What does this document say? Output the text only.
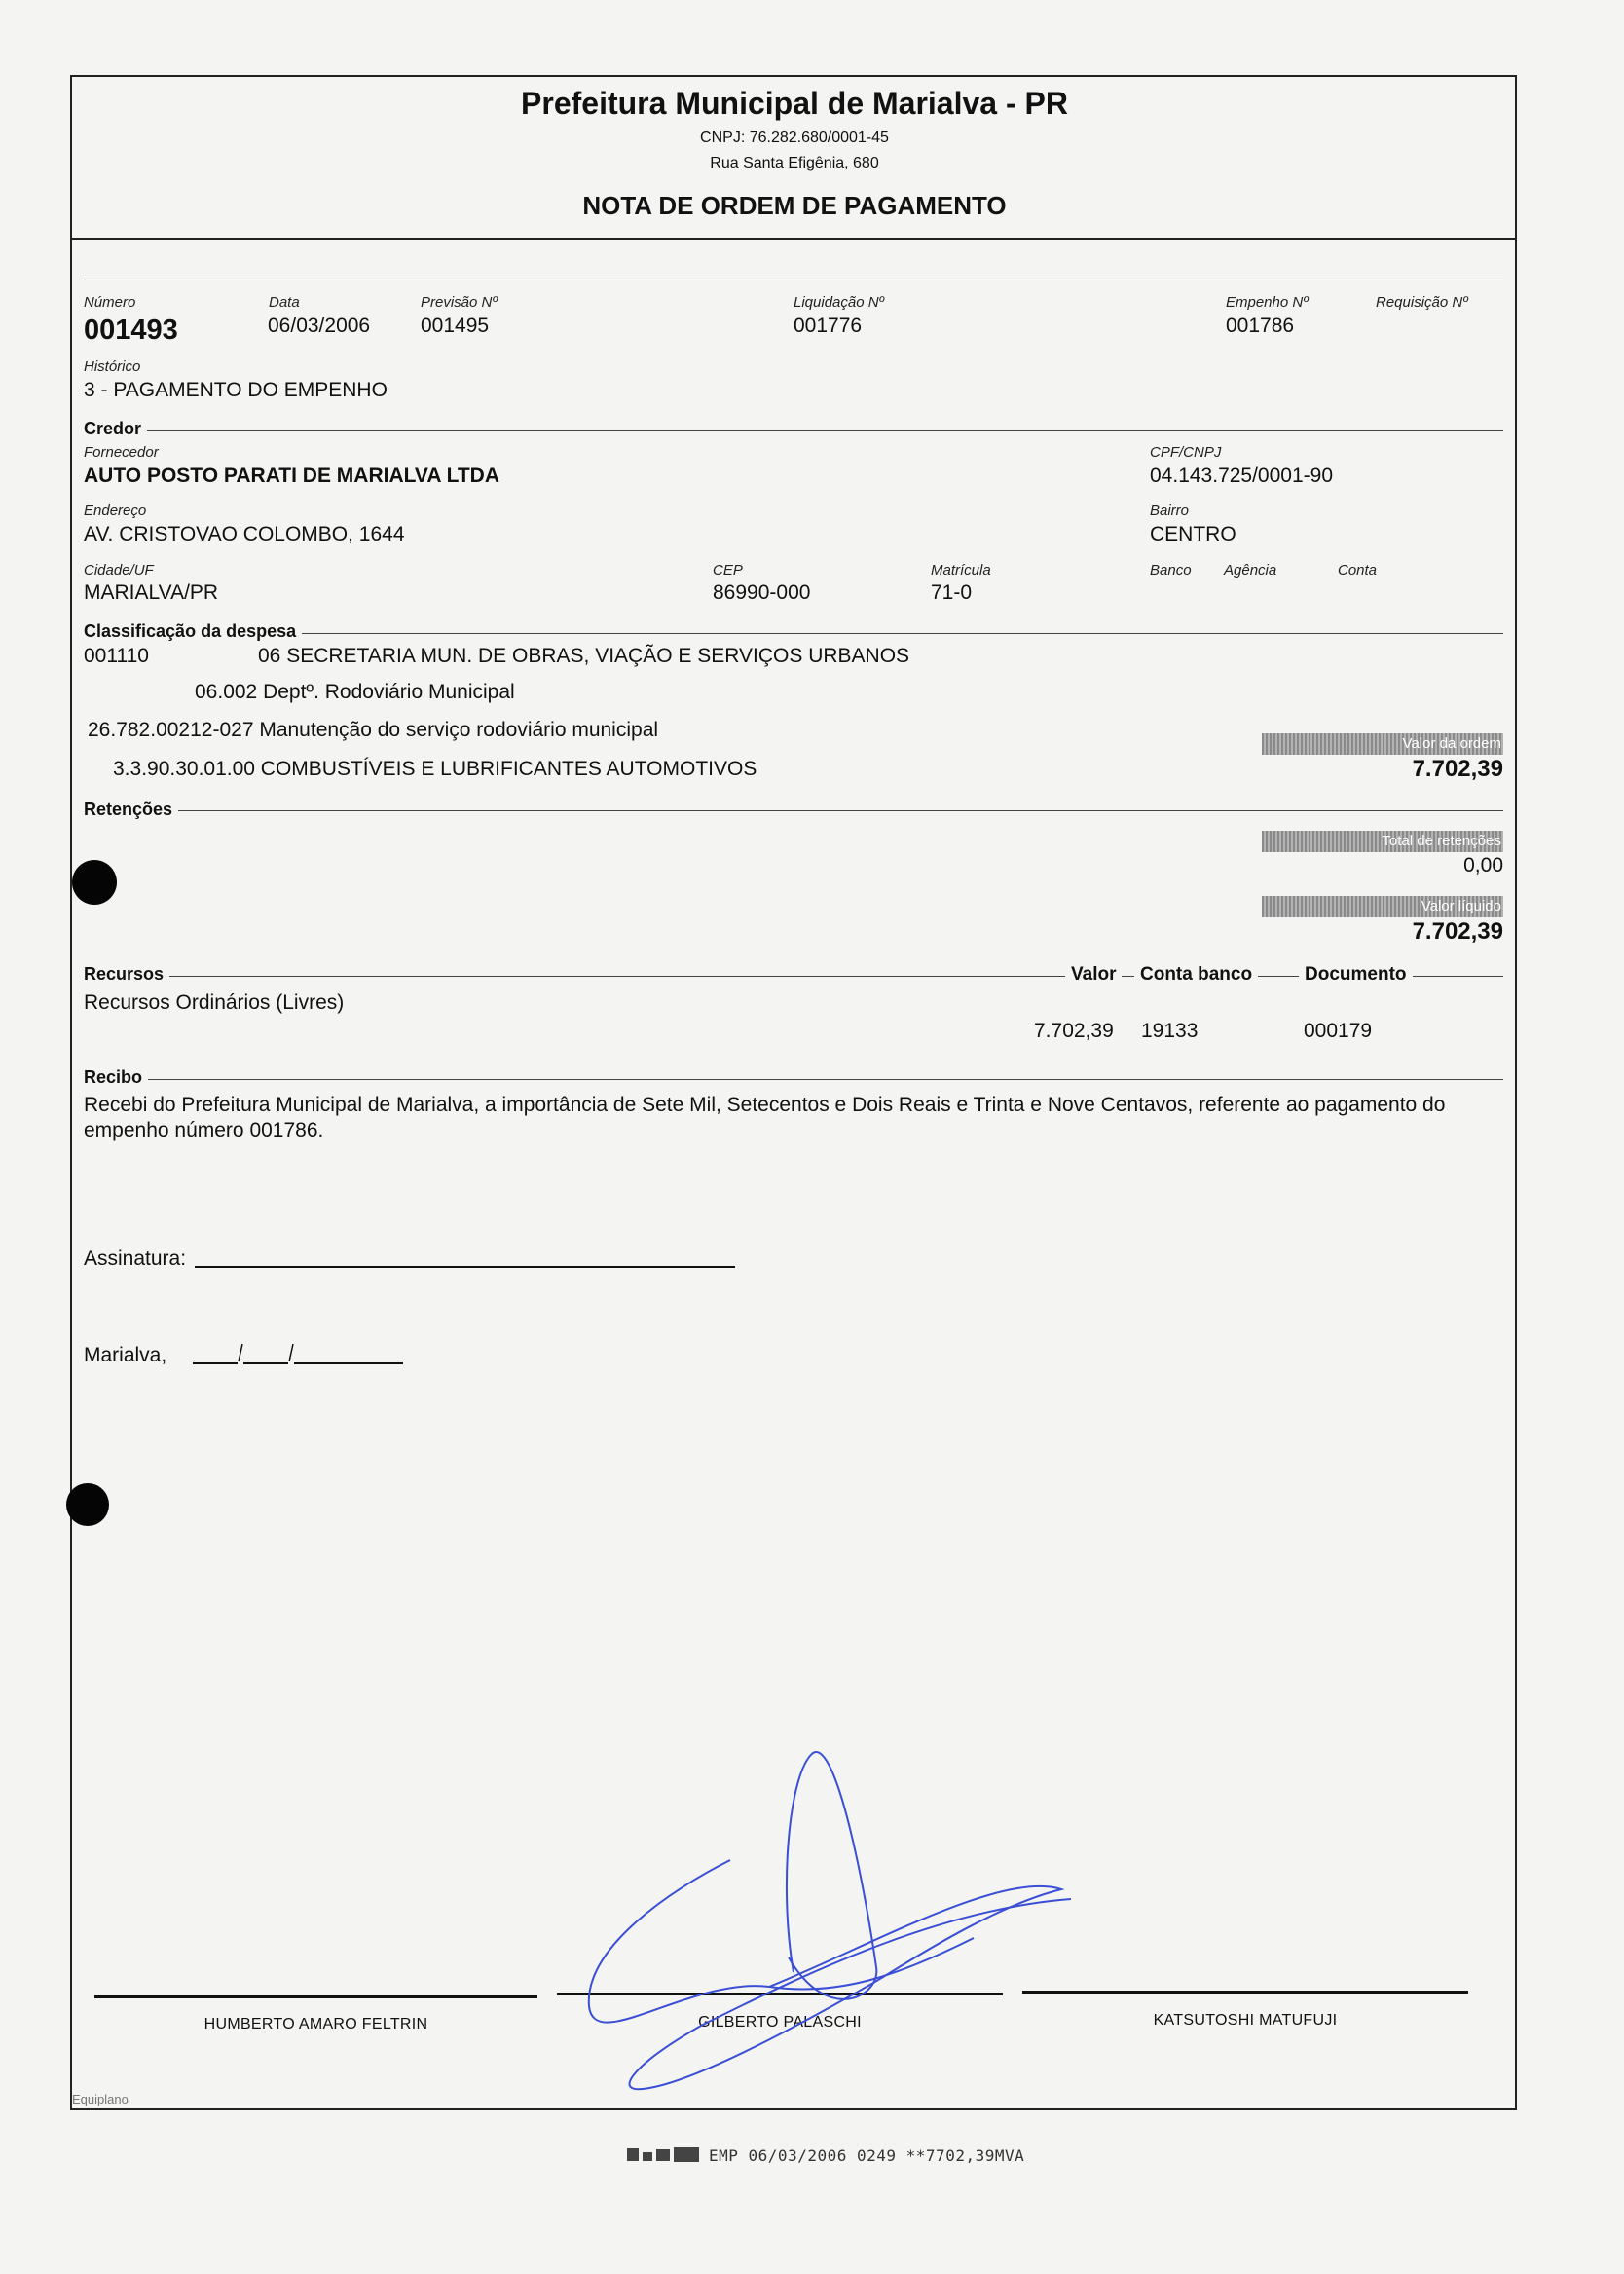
Prefeitura Municipal de Marialva - PR
CNPJ: 76.282.680/0001-45
Rua Santa Efigênia, 680
NOTA DE ORDEM DE PAGAMENTO
Número
001493
Data
06/03/2006
Previsão Nº
001495
Liquidação Nº
001776
Empenho Nº
001786
Requisição Nº
Histórico
3 - PAGAMENTO DO EMPENHO
Credor
Fornecedor
AUTO POSTO PARATI DE MARIALVA LTDA
CPF/CNPJ
04.143.725/0001-90
Endereço
AV. CRISTOVAO COLOMBO, 1644
Bairro
CENTRO
Cidade/UF
MARIALVA/PR
CEP
86990-000
Matrícula
71-0
Banco Agência	Conta
Classificação da despesa
001110	06 SECRETARIA MUN. DE OBRAS, VIAÇÃO E SERVIÇOS URBANOS
06.002 Deptº. Rodoviário Municipal
26.782.00212-027 Manutenção do serviço rodoviário municipal
3.3.90.30.01.00 COMBUSTÍVEIS E LUBRIFICANTES AUTOMOTIVOS
Valor da ordem
7.702,39
Retenções
Total de retenções
0,00
Valor líquido
7.702,39
Recursos	Valor	Conta banco	Documento
Recursos Ordinários (Livres)
7.702,39 19133	000179
Recibo
Recebi do Prefeitura Municipal de Marialva, a importância de Sete Mil, Setecentos e Dois Reais e Trinta e Nove Centavos, referente ao pagamento do empenho número 001786.
Assinatura:
Marialva,
HUMBERTO AMARO FELTRIN	GILBERTO PALASCHI	KATSUTOSHI MATUFUJI
Equiplano
EMP 06/03/2006 0249 **7702,39MVA
